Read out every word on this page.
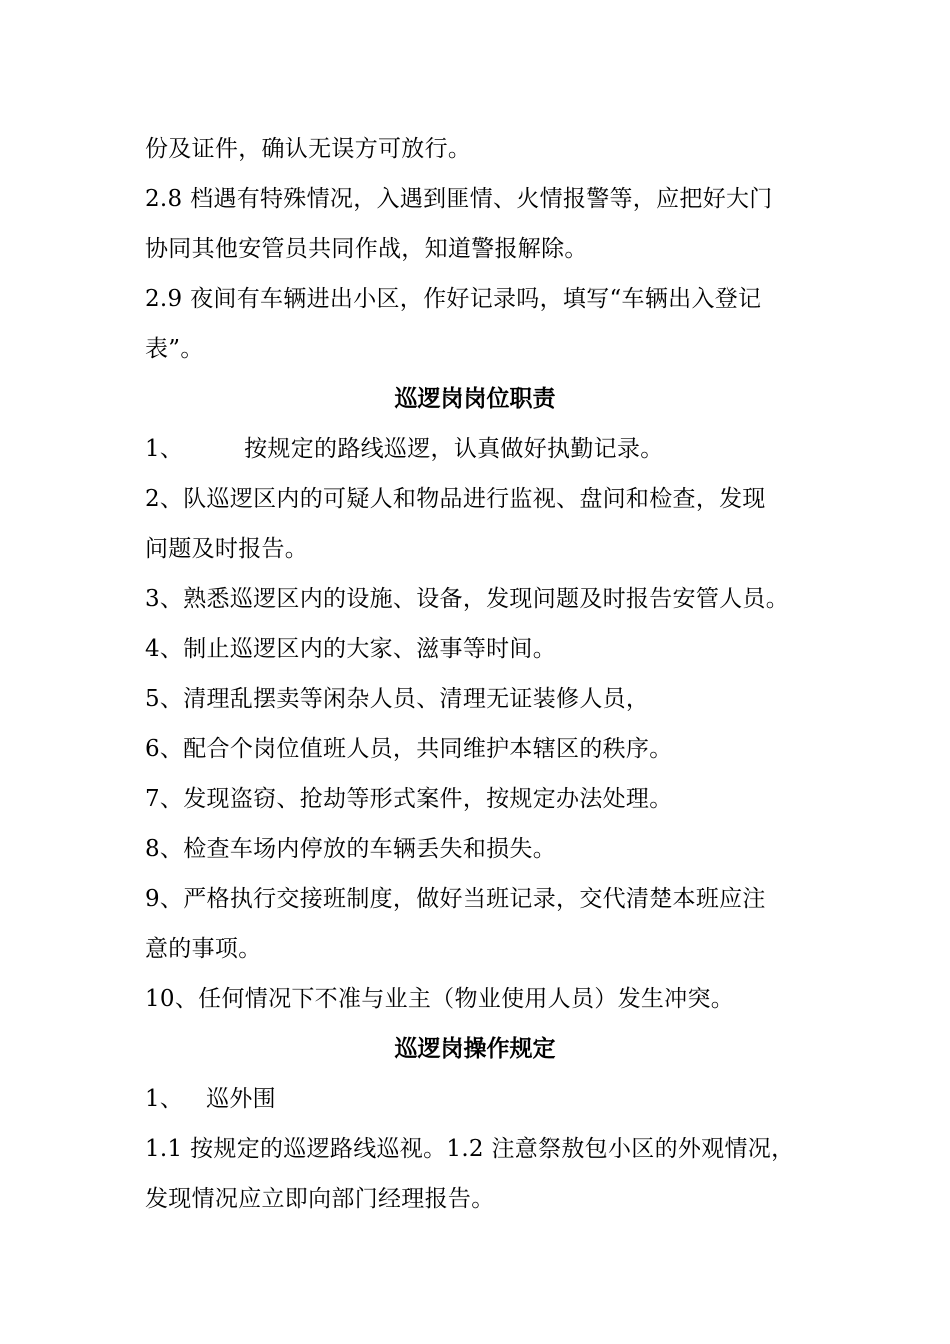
份及证件，确认无误方可放行。
2.8 档遇有特殊情况，入遇到匪情、火情报警等，应把好大门
协同其他安管员共同作战，知道警报解除。
2.9 夜间有车辆进出小区，作好记录吗，填写“车辆出入登记
表”。
巡逻岗岗位职责
1、        按规定的路线巡逻，认真做好执勤记录。
2、队巡逻区内的可疑人和物品进行监视、盘问和检查，发现
问题及时报告。
3、熟悉巡逻区内的设施、设备，发现问题及时报告安管人员。
4、制止巡逻区内的大家、滋事等时间。
5、清理乱摆卖等闲杂人员、清理无证装修人员，
6、配合个岗位值班人员，共同维护本辖区的秩序。
7、发现盗窃、抢劫等形式案件，按规定办法处理。
8、检查车场内停放的车辆丢失和损失。
9、严格执行交接班制度，做好当班记录，交代清楚本班应注
意的事项。
10、任何情况下不准与业主（物业使用人员）发生冲突。
巡逻岗操作规定
1、   巡外围
1.1 按规定的巡逻路线巡视。1.2 注意祭敖包小区的外观情况，
发现情况应立即向部门经理报告。
